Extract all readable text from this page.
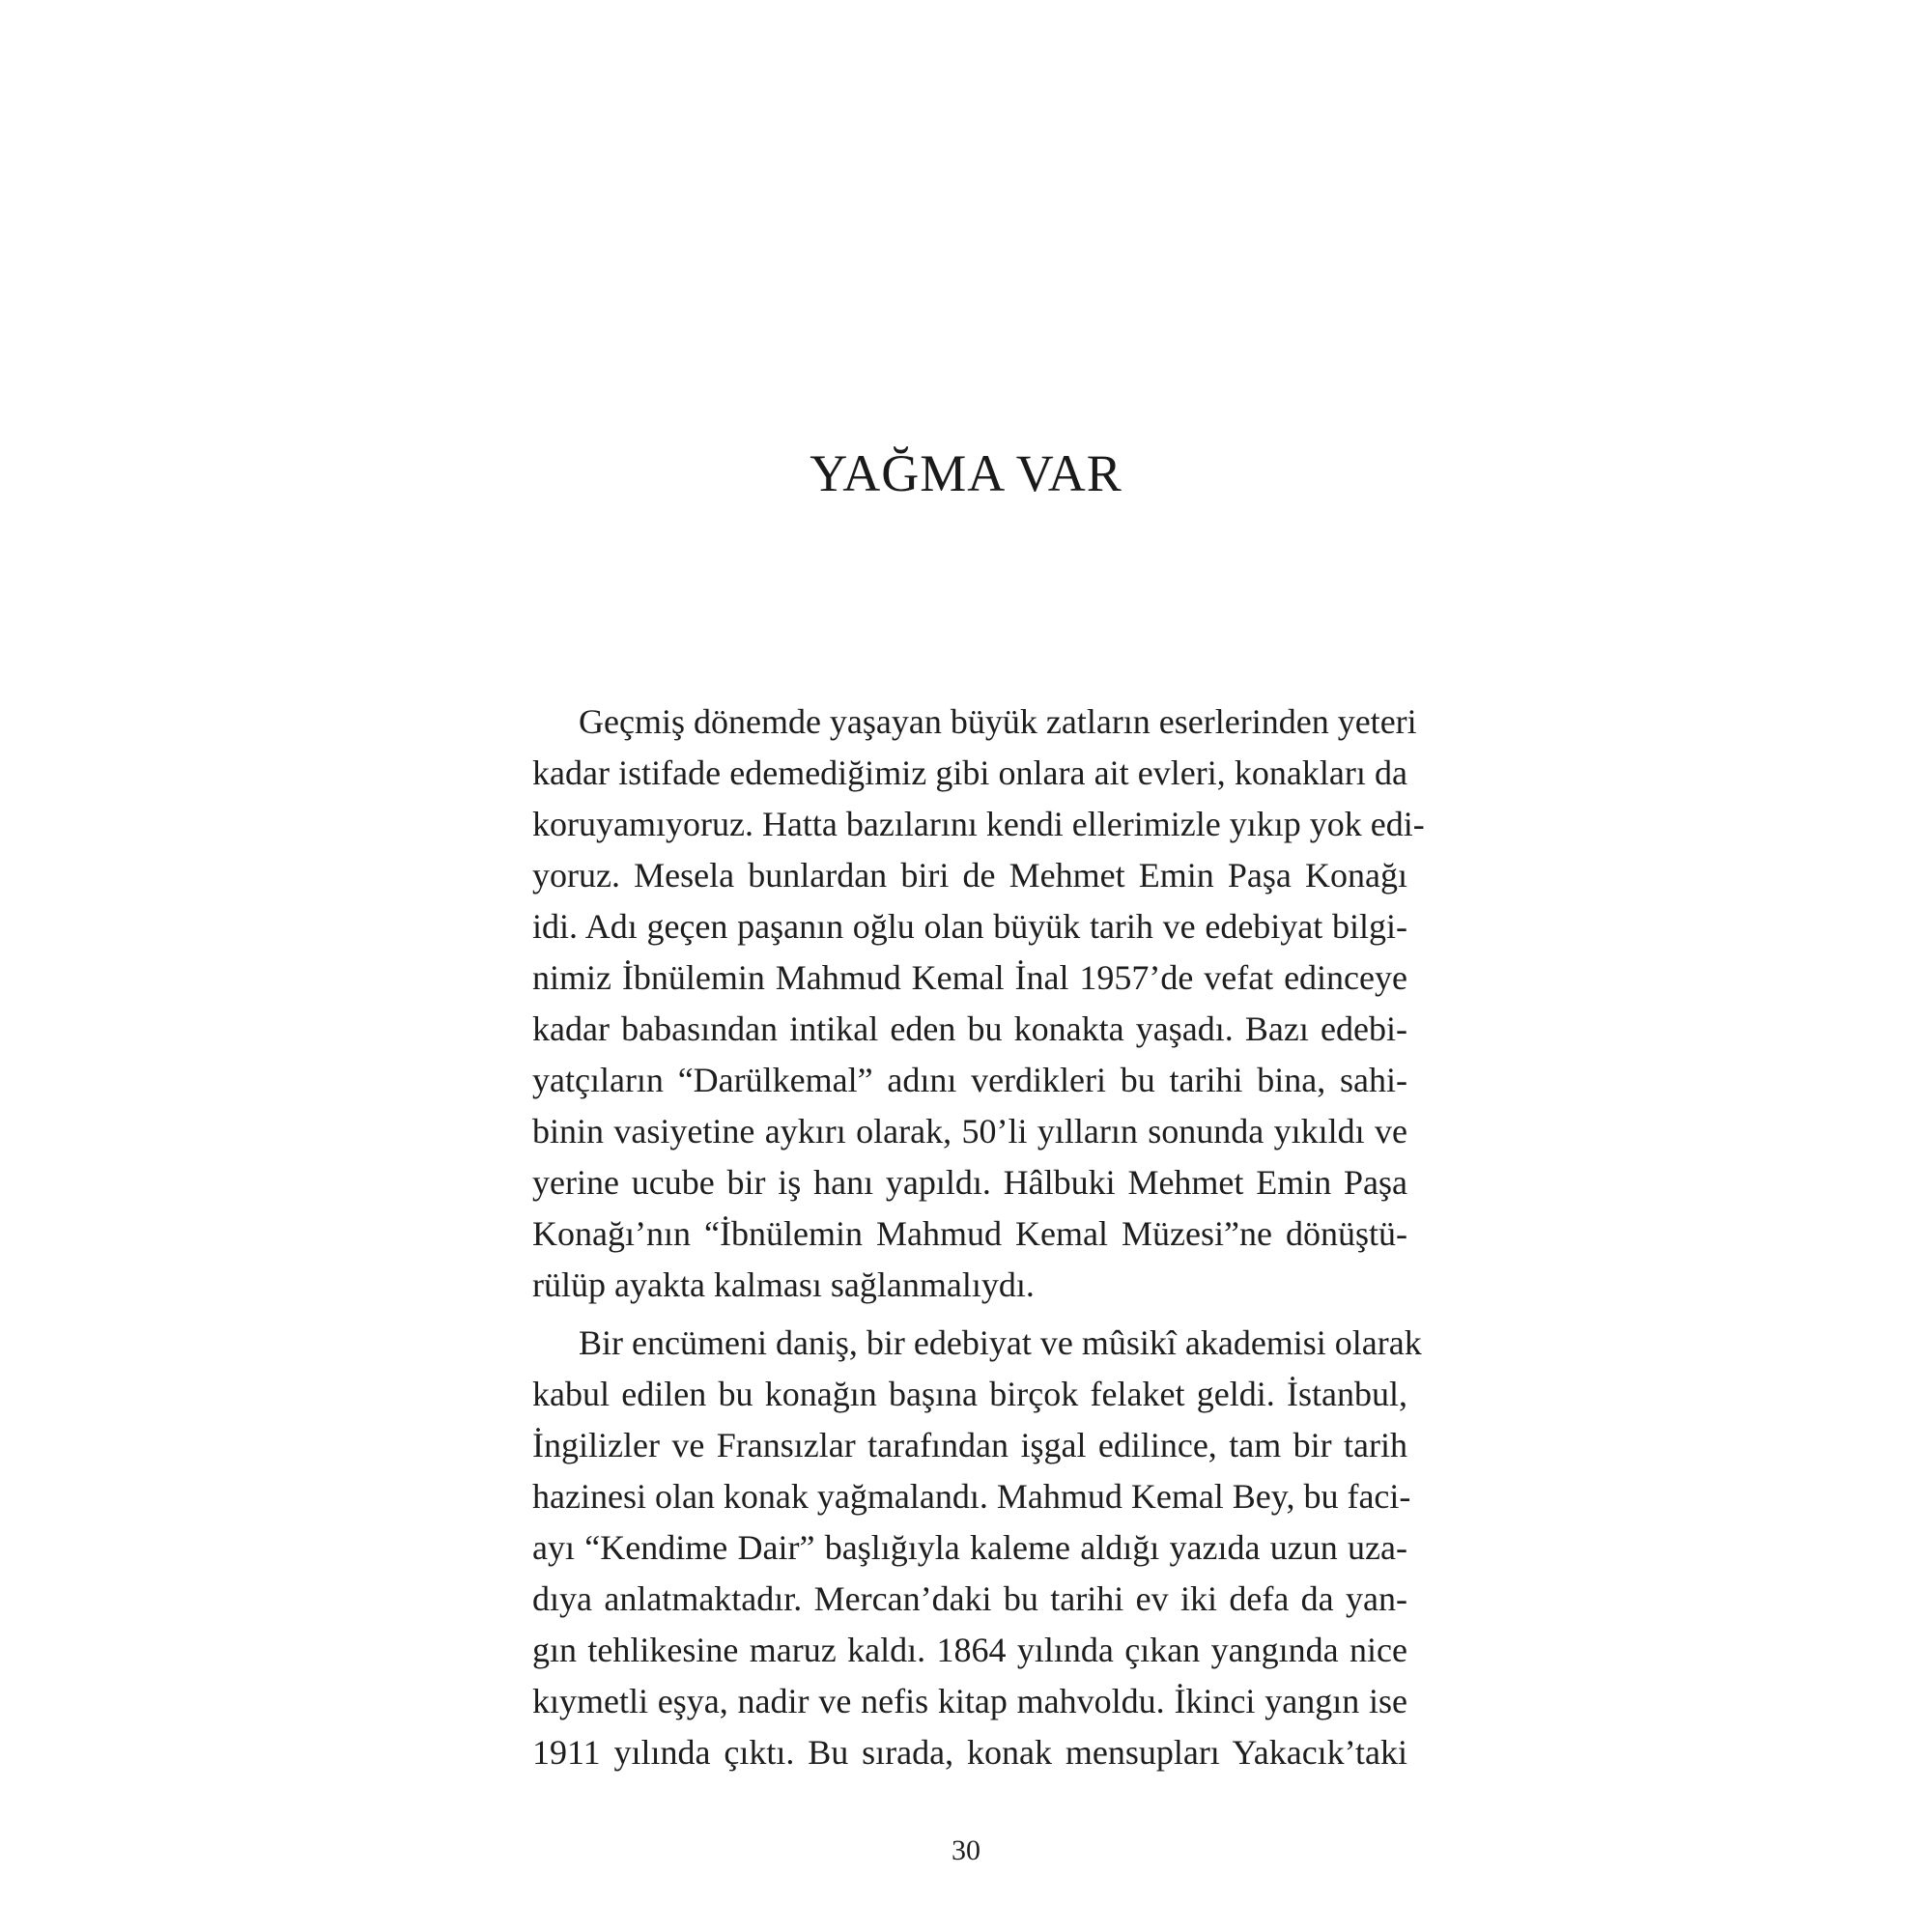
YAĞMA VAR
Geçmiş dönemde yaşayan büyük zatların eserlerinden yeteri
kadar istifade edemediğimiz gibi onlara ait evleri, konakları da
koruyamıyoruz. Hatta bazılarını kendi ellerimizle yıkıp yok edi-
yoruz. Mesela bunlardan biri de Mehmet Emin Paşa Konağı
idi. Adı geçen paşanın oğlu olan büyük tarih ve edebiyat bilgi-
nimiz İbnülemin Mahmud Kemal İnal 1957’de vefat edinceye
kadar babasından intikal eden bu konakta yaşadı. Bazı edebi-
yatçıların “Darülkemal” adını verdikleri bu tarihi bina, sahi-
binin vasiyetine aykırı olarak, 50’li yılların sonunda yıkıldı ve
yerine ucube bir iş hanı yapıldı. Hâlbuki Mehmet Emin Paşa
Konağı’nın “İbnülemin Mahmud Kemal Müzesi”ne dönüştü-
rülüp ayakta kalması sağlanmalıydı.
Bir encümeni daniş, bir edebiyat ve mûsikî akademisi olarak
kabul edilen bu konağın başına birçok felaket geldi. İstanbul,
İngilizler ve Fransızlar tarafından işgal edilince, tam bir tarih
hazinesi olan konak yağmalandı. Mahmud Kemal Bey, bu faci-
ayı “Kendime Dair” başlığıyla kaleme aldığı yazıda uzun uza-
dıya anlatmaktadır. Mercan’daki bu tarihi ev iki defa da yan-
gın tehlikesine maruz kaldı. 1864 yılında çıkan yangında nice
kıymetli eşya, nadir ve nefis kitap mahvoldu. İkinci yangın ise
1911 yılında çıktı. Bu sırada, konak mensupları Yakacık’taki
30
